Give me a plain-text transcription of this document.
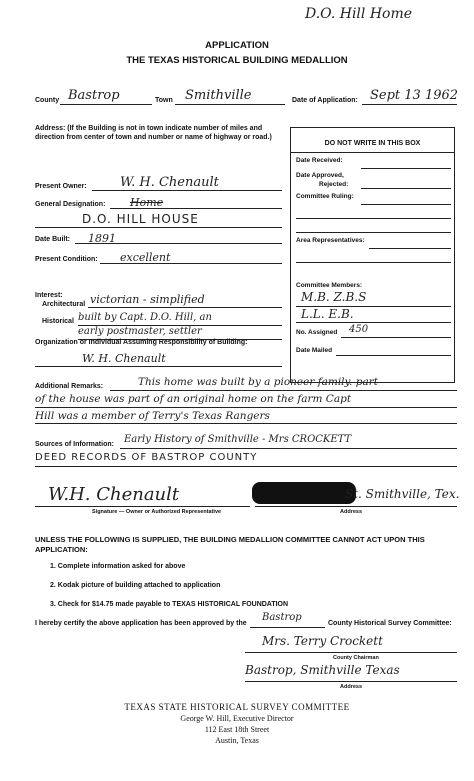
D.O. Hill Home
APPLICATION
THE TEXAS HISTORICAL BUILDING MEDALLION
County Bastrop	Town Smithville	Date of Application: Sept 13 1962
Address: (If the Building is not in town indicate number of miles and direction from center of town and number or name of highway or road.)
Present Owner:	W. H. Chenault
General Designation: Home
D.O. HILL HOUSE
Date Built: 1891
Present Condition: excellent
Interest:
Architectural victorian - simplified
Historical built by Capt. D.O. Hill, an
early postmaster, settler
Organization or Individual Assuming Responsibility of Building:
W. H. Chenault
DO NOT WRITE IN THIS BOX
Date Received:
Date Approved,
Rejected:
Committee Ruling:
Area Representatives:
Committee Members:
M.B. Z.B.S
L.L. E.B.
No. Assigned 450
Date Mailed
Additional Remarks:	This home was built by a pioneer family. part
of the house was part of an original home on the farm Capt
Hill was a member of Terry's Texas Rangers
Sources of Information: Early History of Smithville - Mrs CROCKETT
DEED RECORDS OF BASTROP COUNTY
W.H. Chenault
Signature — Owner or Authorized Representative
St. Smithville, Tex.
Address
UNLESS THE FOLLOWING IS SUPPLIED, THE BUILDING MEDALLION COMMITTEE CANNOT ACT UPON THIS
APPLICATION:
1. Complete information asked for above
2. Kodak picture of building attached to application
3. Check for $14.75 made payable to TEXAS HISTORICAL FOUNDATION
I hereby certify the above application has been approved by the
Bastrop
County Historical Survey Committee:
Mrs. Terry Crockett
County Chairman
Bastrop, Smithville Texas
Address
TEXAS STATE HISTORICAL SURVEY COMMITTEE
George W. Hill, Executive Director
112 East 18th Street
Austin, Texas
